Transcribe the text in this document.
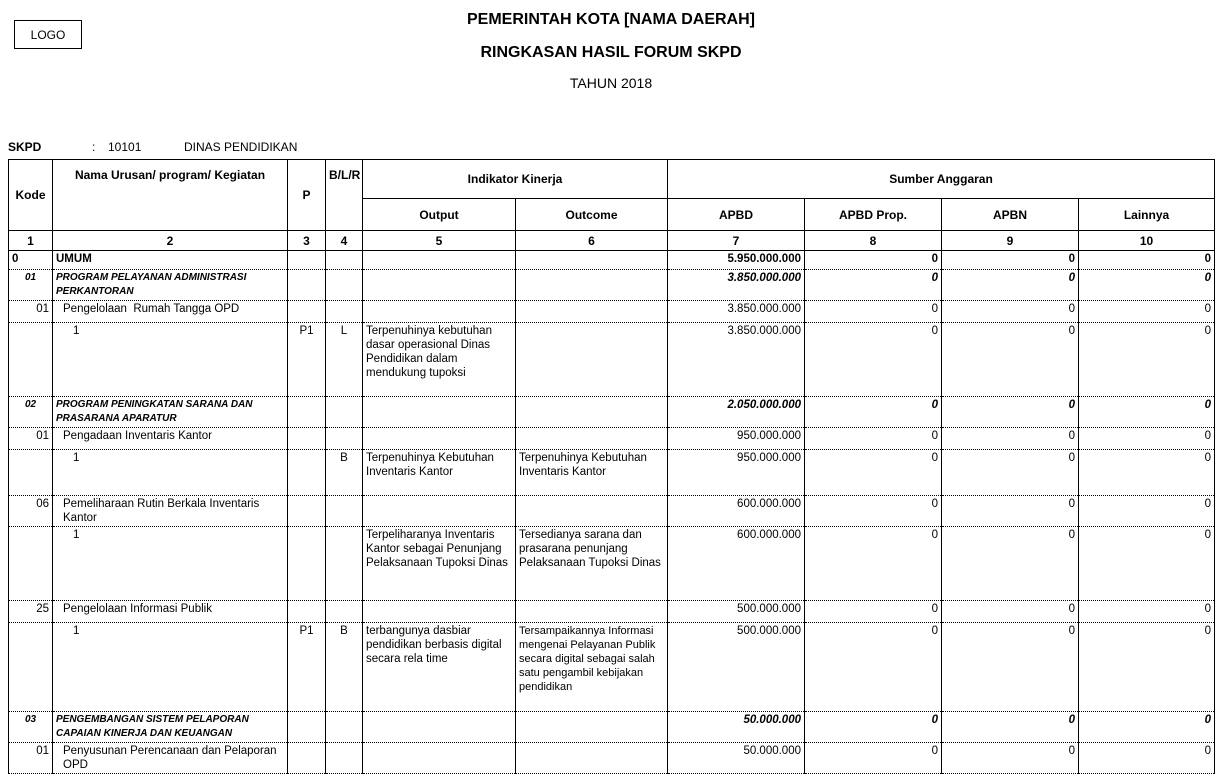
LOGO
PEMERINTAH KOTA [NAMA DAERAH]
RINGKASAN HASIL FORUM SKPD
TAHUN 2018
SKPD	: 10101	DINAS PENDIDIKAN
Kode	Nama Urusan/ program/ Kegiatan	P	B/L/R	Indikator Kinerja		Sumber Anggaran			
				Output	Outcome	APBD	APBD Prop.	APBN	Lainnya
1	2	3	4	5	6	7	8	9	10
0	UMUM					5.950.000.000	0	0	0
01	PROGRAM PELAYANAN ADMINISTRASI PERKANTORAN					3.850.000.000	0	0	0
01	Pengelolaan  Rumah Tangga OPD					3.850.000.000	0	0	0
	1	P1	L	Terpenuhinya kebutuhan dasar operasional Dinas Pendidikan dalam mendukung tupoksi		3.850.000.000	0	0	0
02	PROGRAM PENINGKATAN SARANA DAN PRASARANA APARATUR					2.050.000.000	0	0	0
01	Pengadaan Inventaris Kantor					950.000.000	0	0	0
	1		B	Terpenuhinya Kebutuhan Inventaris Kantor	Terpenuhinya Kebutuhan Inventaris Kantor	950.000.000	0	0	0
06	Pemeliharaan Rutin Berkala Inventaris Kantor					600.000.000	0	0	0
	1			Terpeliharanya Inventaris Kantor sebagai Penunjang Pelaksanaan Tupoksi Dinas	Tersedianya sarana dan prasarana penunjang Pelaksanaan Tupoksi Dinas	600.000.000	0	0	0
25	Pengelolaan Informasi Publik					500.000.000	0	0	0
	1	P1	B	terbangunya dasbiar pendidikan berbasis digital secara rela time	Tersampaikannya Informasi mengenai Pelayanan Publik secara digital sebagai salah satu pengambil kebijakan pendidikan	500.000.000	0	0	0
03	PENGEMBANGAN SISTEM PELAPORAN CAPAIAN KINERJA DAN KEUANGAN					50.000.000	0	0	0
01	Penyusunan Perencanaan dan Pelaporan OPD					50.000.000	0	0	0
